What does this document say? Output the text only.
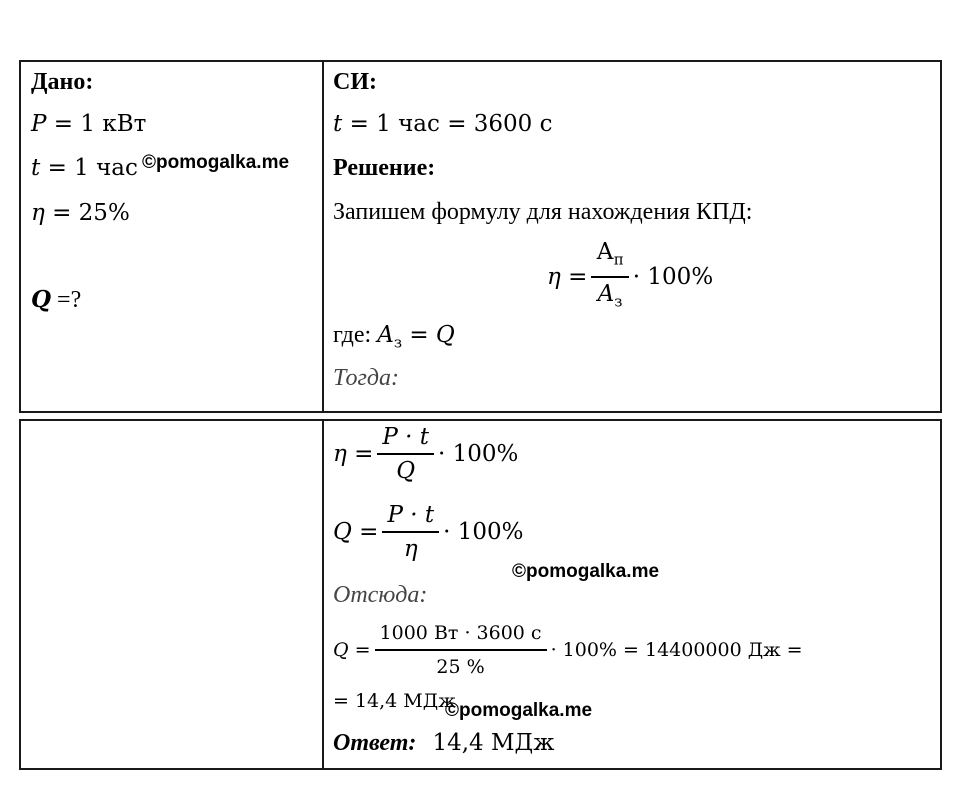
Дано:
P = 1 кВт
t = 1 час
η = 25%
Q =?
СИ:
t = 1 час = 3600 с
Решение:
Запишем формулу для нахождения КПД:
$\eta = \frac{А_п}{A_з} \cdot 100\%$
где: $A_з = Q$
Тогда:
©pomogalka.me
$\eta = \frac{P \cdot t}{Q} \cdot 100\%$
$Q = \frac{P \cdot t}{\eta} \cdot 100\%$
Отсюда:
$Q = \frac{1000 Вт \cdot 3600 с}{25 \%} \cdot 100\% = 14400000$ Дж =
= 14,4 МДж
Ответ: 14,4 МДж
©pomogalka.me
©pomogalka.me
